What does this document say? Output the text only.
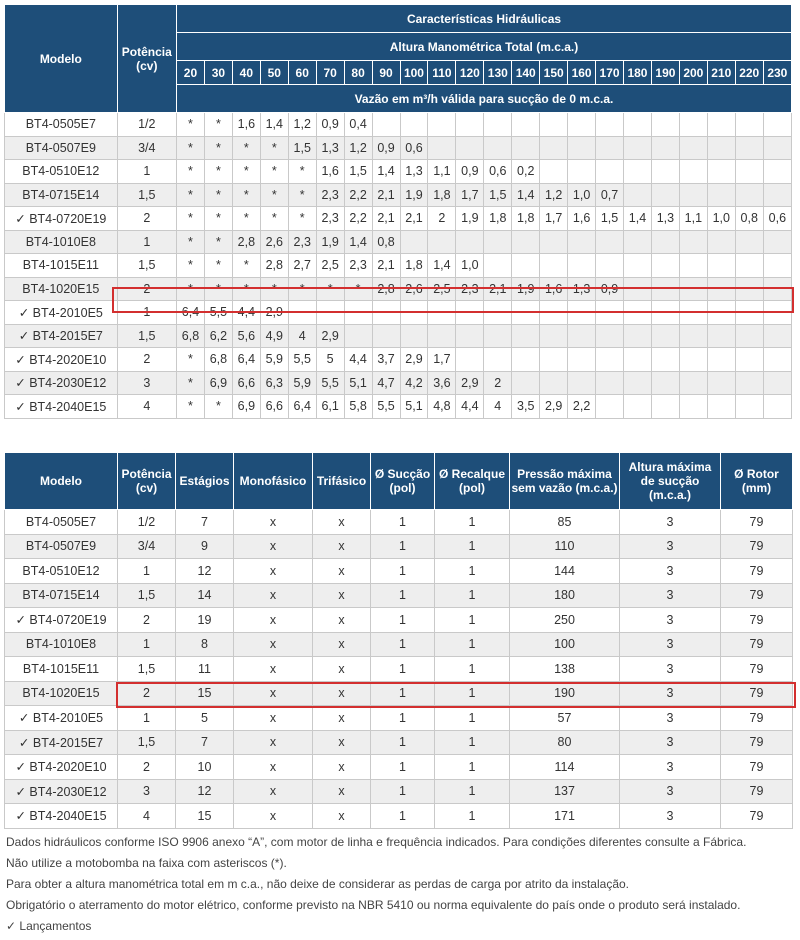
Modelo	Potência (cv)	Características Hidráulicas																					
		Altura Manométrica Total (m.c.a.)																					
		20	30	40	50	60	70	80	90	100	110	120	130	140	150	160	170	180	190	200	210	220	230
		Vazão em m³/h válida para sucção de 0 m.c.a.																					
BT4-0505E7	1/2	*	*	1,6	1,4	1,2	0,9	0,4															
BT4-0507E9	3/4	*	*	*	*	1,5	1,3	1,2	0,9	0,6													
BT4-0510E12	1	*	*	*	*	*	1,6	1,5	1,4	1,3	1,1	0,9	0,6	0,2									
BT4-0715E14	1,5	*	*	*	*	*	2,3	2,2	2,1	1,9	1,8	1,7	1,5	1,4	1,2	1,0	0,7						
✓ BT4-0720E19	2	*	*	*	*	*	2,3	2,2	2,1	2,1	2	1,9	1,8	1,8	1,7	1,6	1,5	1,4	1,3	1,1	1,0	0,8	0,6
BT4-1010E8	1	*	*	2,8	2,6	2,3	1,9	1,4	0,8														
BT4-1015E11	1,5	*	*	*	2,8	2,7	2,5	2,3	2,1	1,8	1,4	1,0											
BT4-1020E15	2	*	*	*	*	*	*	*	2,8	2,6	2,5	2,3	2,1	1,9	1,6	1,3	0,9						
✓ BT4-2010E5	1	6,4	5,5	4,4	2,9																		
✓ BT4-2015E7	1,5	6,8	6,2	5,6	4,9	4	2,9																
✓ BT4-2020E10	2	*	6,8	6,4	5,9	5,5	5	4,4	3,7	2,9	1,7												
✓ BT4-2030E12	3	*	6,9	6,6	6,3	5,9	5,5	5,1	4,7	4,2	3,6	2,9	2										
✓ BT4-2040E15	4	*	*	6,9	6,6	6,4	6,1	5,8	5,5	5,1	4,8	4,4	4	3,5	2,9	2,2							
Modelo	Potência (cv)	Estágios	Monofásico	Trifásico	Ø Sucção (pol)	Ø Recalque (pol)	Pressão máxima sem vazão (m.c.a.)	Altura máxima de sucção (m.c.a.)	Ø Rotor (mm)
BT4-0505E7	1/2	7	x	x	1	1	85	3	79
BT4-0507E9	3/4	9	x	x	1	1	110	3	79
BT4-0510E12	1	12	x	x	1	1	144	3	79
BT4-0715E14	1,5	14	x	x	1	1	180	3	79
✓ BT4-0720E19	2	19	x	x	1	1	250	3	79
BT4-1010E8	1	8	x	x	1	1	100	3	79
BT4-1015E11	1,5	11	x	x	1	1	138	3	79
BT4-1020E15	2	15	x	x	1	1	190	3	79
✓ BT4-2010E5	1	5	x	x	1	1	57	3	79
✓ BT4-2015E7	1,5	7	x	x	1	1	80	3	79
✓ BT4-2020E10	2	10	x	x	1	1	114	3	79
✓ BT4-2030E12	3	12	x	x	1	1	137	3	79
✓ BT4-2040E15	4	15	x	x	1	1	171	3	79
Dados hidráulicos conforme ISO 9906 anexo “A”, com motor de linha e frequência indicados. Para condições diferentes consulte a Fábrica.
Não utilize a motobomba na faixa com asteriscos (*).
Para obter a altura manométrica total em m c.a., não deixe de considerar as perdas de carga por atrito da instalação.
Obrigatório o aterramento do motor elétrico, conforme previsto na NBR 5410 ou norma equivalente do país onde o produto será instalado.
✓ Lançamentos
